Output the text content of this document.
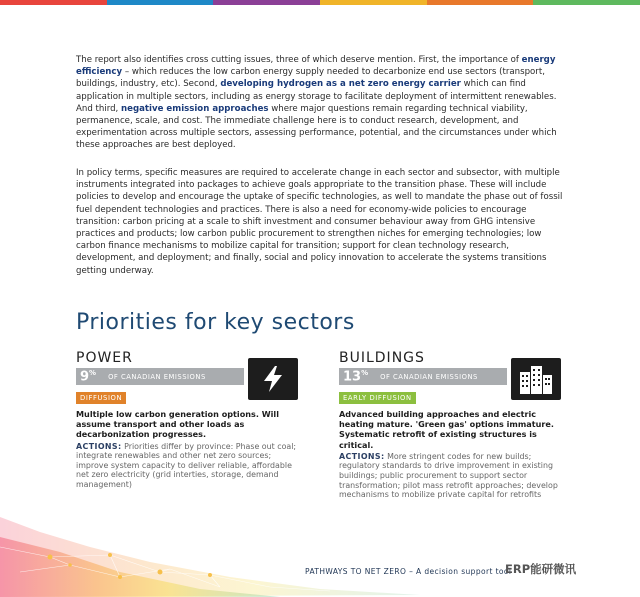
The report also identifies cross cutting issues, three of which deserve mention. First, the importance of energy efficiency – which reduces the low carbon energy supply needed to decarbonize end use sectors (transport, buildings, industry, etc). Second, developing hydrogen as a net zero energy carrier which can find application in multiple sectors, including as energy storage to facilitate deployment of intermittent renewables. And third, negative emission approaches where major questions remain regarding technical viability, permanence, scale, and cost. The immediate challenge here is to conduct research, development, and experimentation across multiple sectors, assessing performance, potential, and the circumstances under which these approaches are best deployed.

In policy terms, specific measures are required to accelerate change in each sector and subsector, with multiple instruments integrated into packages to achieve goals appropriate to the transition phase. These will include policies to develop and encourage the uptake of specific technologies, as well to mandate the phase out of fossil fuel dependent technologies and practices. There is also a need for economy-wide policies to encourage transition: carbon pricing at a scale to shift investment and consumer behaviour away from GHG intensive practices and products; low carbon public procurement to strengthen niches for emerging technologies; low carbon finance mechanisms to mobilize capital for transition; support for clean technology research, development, and deployment; and finally, social and policy innovation to accelerate the systems transitions getting underway.

Priorities for key sectors
POWER
9%	OF CANADIAN EMISSIONS
DIFFUSION
Multiple low carbon generation options. Will assume transport and other loads as decarbonization progresses.
ACTIONS: Priorities differ by province: Phase out coal; integrate renewables and other net zero sources; improve system capacity to deliver reliable, affordable net zero electricity (grid interties, storage, demand management)
BUILDINGS
13%	OF CANADIAN EMISSIONS
EARLY DIFFUSION
Advanced building approaches and electric heating mature. 'Green gas' options immature. Systematic retrofit of existing structures is critical.
ACTIONS: More stringent codes for new builds; regulatory standards to drive improvement in existing buildings; public procurement to support sector transformation; pilot mass retrofit approaches; develop mechanisms to mobilize private capital for retrofits
PATHWAYS TO NET ZERO – A decision support tool
ERP能研微讯
